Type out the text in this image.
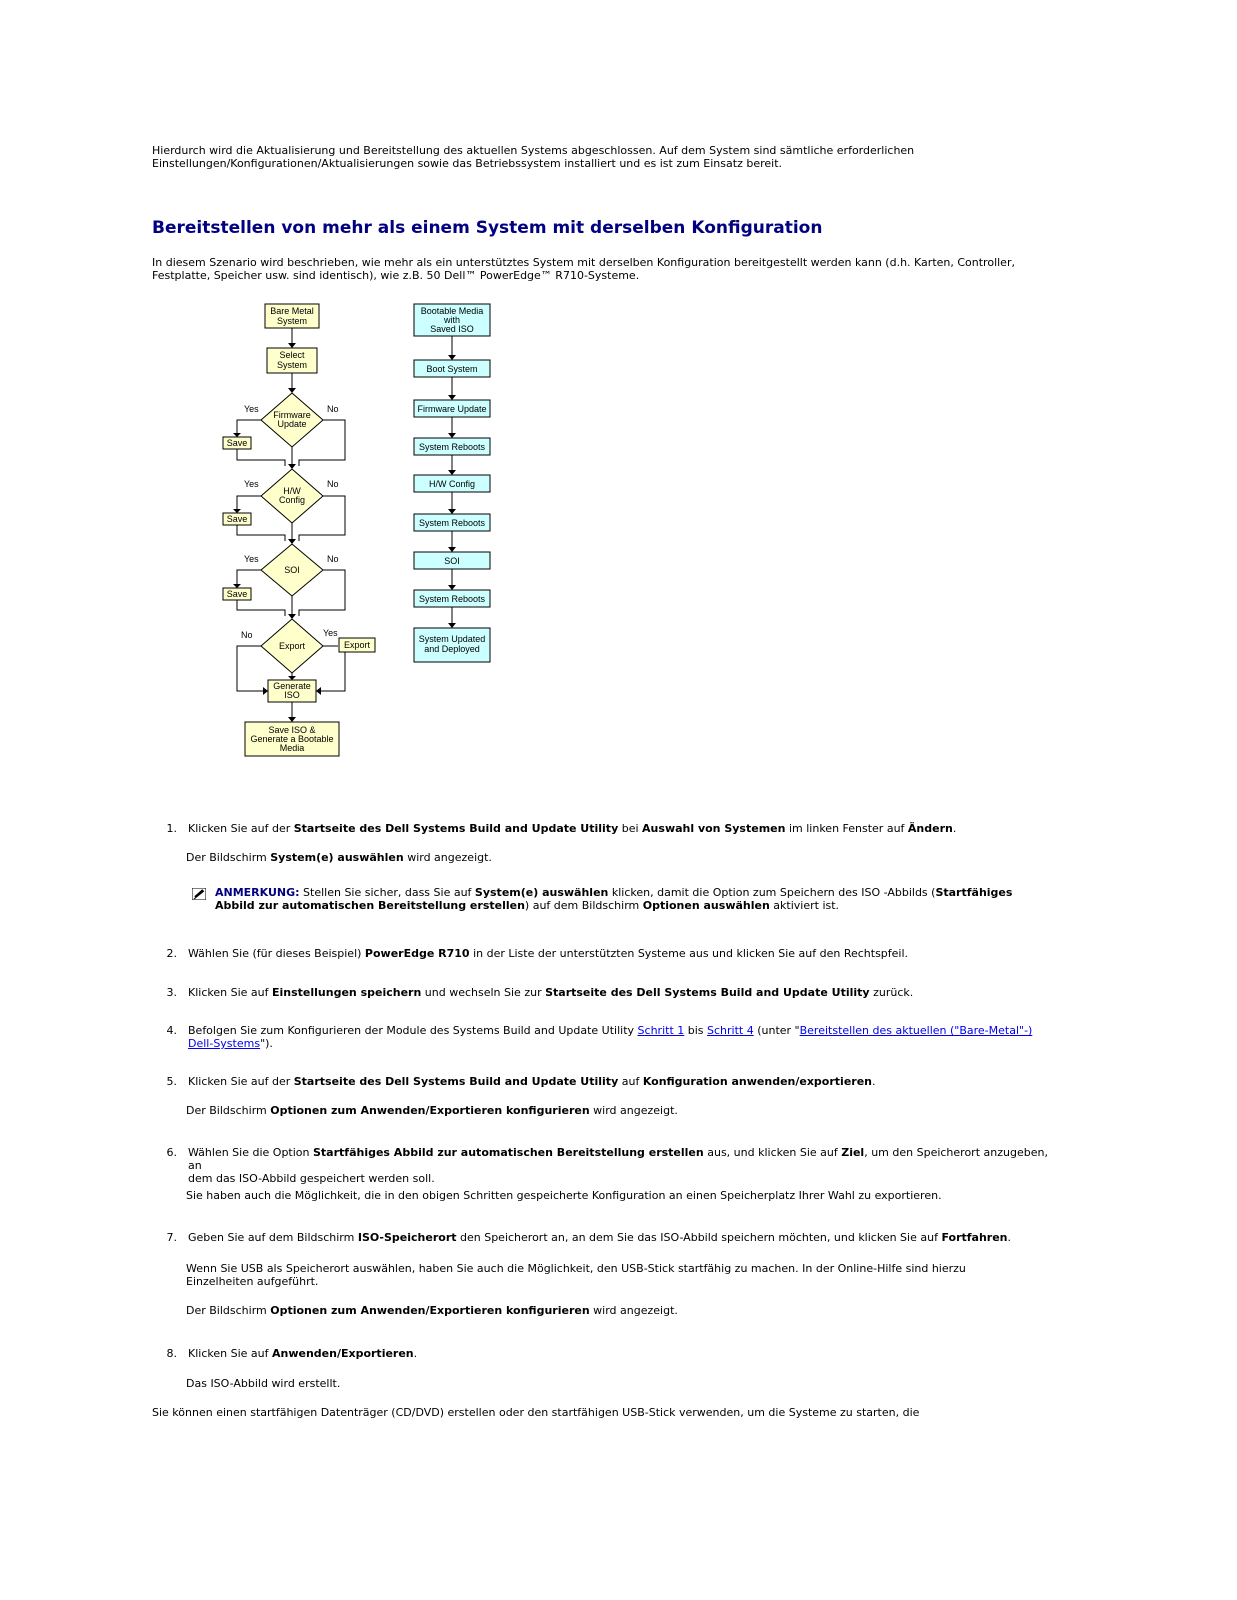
Hierdurch wird die Aktualisierung und Bereitstellung des aktuellen Systems abgeschlossen. Auf dem System sind sämtliche erforderlichen
Einstellungen/Konfigurationen/Aktualisierungen sowie das Betriebssystem installiert und es ist zum Einsatz bereit.

Bereitstellen von mehr als einem System mit derselben Konfiguration

In diesem Szenario wird beschrieben, wie mehr als ein unterstütztes System mit derselben Konfiguration bereitgestellt werden kann (d.h. Karten, Controller,
Festplatte, Speicher usw. sind identisch), wie z.B. 50 Dell™ PowerEdge™ R710-Systeme.

Bare Metal
System
Select
System
Firmware
Update
Yes	No
Save
H/W
Config
Yes	No
Save
SOI
Yes	No
Save
Export
No	Yes
Export
Generate
ISO
Save ISO &
Generate a Bootable
Media
Bootable Media
with
Saved ISO
Boot System
Firmware Update
System Reboots
H/W Config
System Reboots
SOI
System Reboots
System Updated
and Deployed
1. Klicken Sie auf der Startseite des Dell Systems Build and Update Utility bei Auswahl von Systemen im linken Fenster auf Ändern.
Der Bildschirm System(e) auswählen wird angezeigt.
ANMERKUNG: Stellen Sie sicher, dass Sie auf System(e) auswählen klicken, damit die Option zum Speichern des ISO -Abbilds (Startfähiges
Abbild zur automatischen Bereitstellung erstellen) auf dem Bildschirm Optionen auswählen aktiviert ist.
2. Wählen Sie (für dieses Beispiel) PowerEdge R710 in der Liste der unterstützten Systeme aus und klicken Sie auf den Rechtspfeil.
3. Klicken Sie auf Einstellungen speichern und wechseln Sie zur Startseite des Dell Systems Build and Update Utility zurück.
4. Befolgen Sie zum Konfigurieren der Module des Systems Build and Update Utility Schritt 1 bis Schritt 4 (unter "Bereitstellen des aktuellen ("Bare-Metal"-)
Dell-Systems").
5. Klicken Sie auf der Startseite des Dell Systems Build and Update Utility auf Konfiguration anwenden/exportieren.
Der Bildschirm Optionen zum Anwenden/Exportieren konfigurieren wird angezeigt.
6. Wählen Sie die Option Startfähiges Abbild zur automatischen Bereitstellung erstellen aus, und klicken Sie auf Ziel, um den Speicherort anzugeben, an
dem das ISO-Abbild gespeichert werden soll.
Sie haben auch die Möglichkeit, die in den obigen Schritten gespeicherte Konfiguration an einen Speicherplatz Ihrer Wahl zu exportieren.
7. Geben Sie auf dem Bildschirm ISO-Speicherort den Speicherort an, an dem Sie das ISO-Abbild speichern möchten, und klicken Sie auf Fortfahren.
Wenn Sie USB als Speicherort auswählen, haben Sie auch die Möglichkeit, den USB-Stick startfähig zu machen. In der Online-Hilfe sind hierzu
Einzelheiten aufgeführt.
Der Bildschirm Optionen zum Anwenden/Exportieren konfigurieren wird angezeigt.
8. Klicken Sie auf Anwenden/Exportieren.
Das ISO-Abbild wird erstellt.

Sie können einen startfähigen Datenträger (CD/DVD) erstellen oder den startfähigen USB-Stick verwenden, um die Systeme zu starten, die
